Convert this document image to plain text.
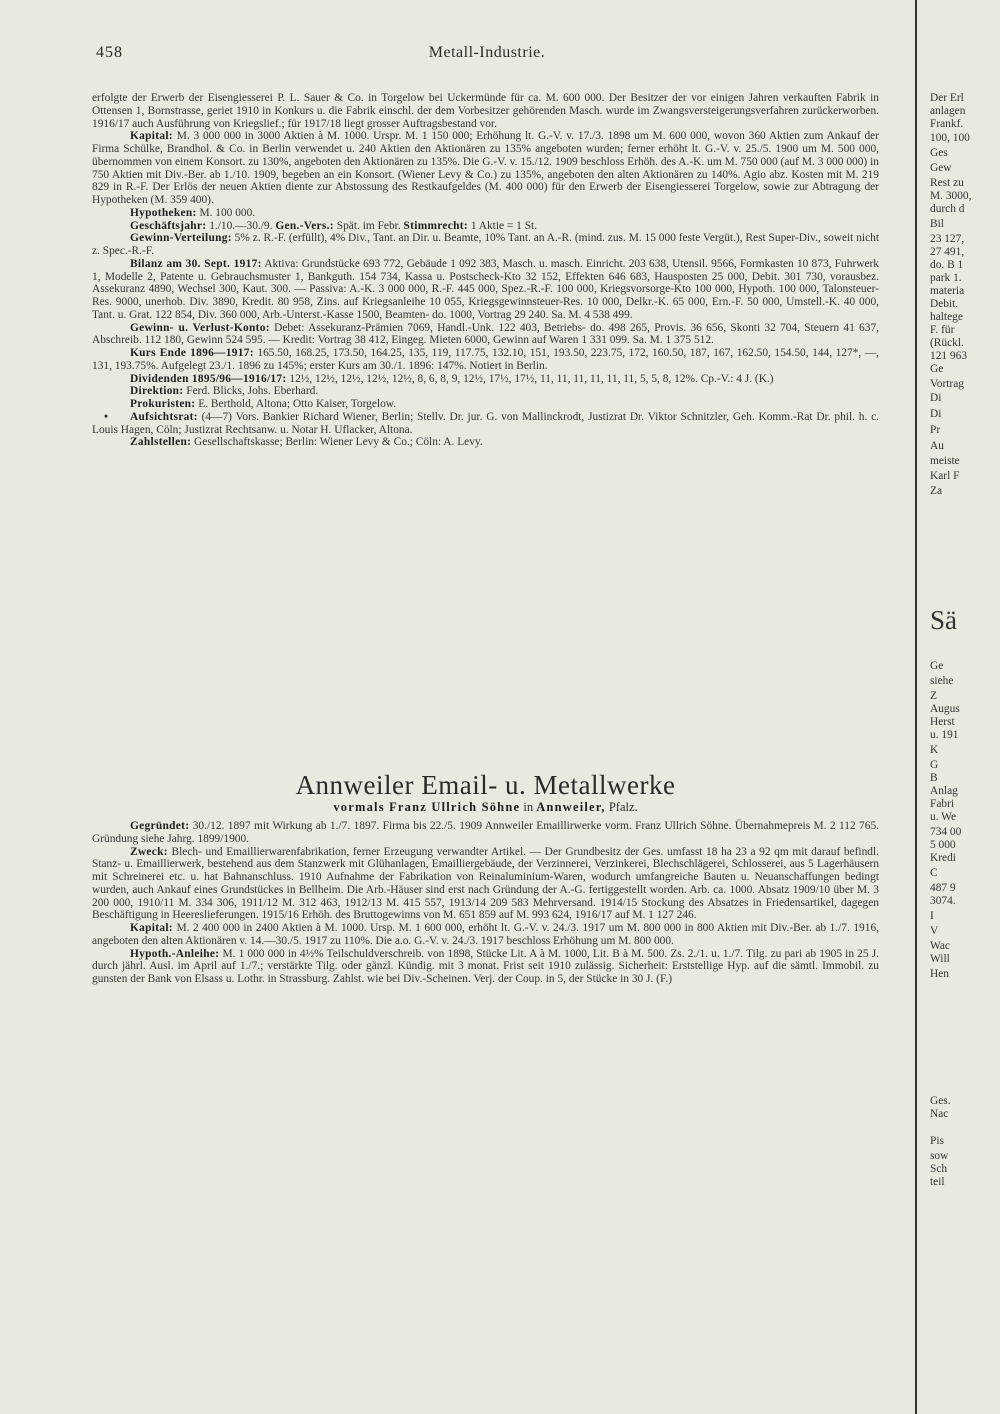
458	Metall-Industrie.

erfolgte der Erwerb der Eisengiesserei P. L. Sauer & Co. in Torgelow bei Uckermünde für ca. M. 600 000. Der Besitzer der vor einigen Jahren verkauften Fabrik in Ottensen 1, Bornstrasse, geriet 1910 in Konkurs u. die Fabrik einschl. der dem Vorbesitzer gehörenden Masch. wurde im Zwangsversteigerungsverfahren zurückerworben. 1916/17 auch Ausführung von Kriegslief.; für 1917/18 liegt grosser Auftragsbestand vor.

Kapital: M. 3 000 000 in 3000 Aktien à M. 1000. Urspr. M. 1 150 000; Erhöhung lt. G.-V. v. 17./3. 1898 um M. 600 000, wovon 360 Aktien zum Ankauf der Firma Schülke, Brandhol. & Co. in Berlin verwendet u. 240 Aktien den Aktionären zu 135% angeboten wurden; ferner erhöht lt. G.-V. v. 25./5. 1900 um M. 500 000, übernommen von einem Konsort. zu 130%, angeboten den Aktionären zu 135%. Die G.-V. v. 15./12. 1909 beschloss Erhöh. des A.-K. um M. 750 000 (auf M. 3 000 000) in 750 Aktien mit Div.-Ber. ab 1./10. 1909, begeben an ein Konsort. (Wiener Levy & Co.) zu 135%, angeboten den alten Aktionären zu 140%. Agio abz. Kosten mit M. 219 829 in R.-F. Der Erlös der neuen Aktien diente zur Abstossung des Restkaufgeldes (M. 400 000) für den Erwerb der Eisengiesserei Torgelow, sowie zur Abtragung der Hypotheken (M. 359 400).

Hypotheken: M. 100 000.

Geschäftsjahr: 1./10.—30./9. Gen.-Vers.: Spät. im Febr. Stimmrecht: 1 Aktie = 1 St.

Gewinn-Verteilung: 5% z. R.-F. (erfüllt), 4% Div., Tant. an Dir. u. Beamte, 10% Tant. an A.-R. (mind. zus. M. 15 000 feste Vergüt.), Rest Super-Div., soweit nicht z. Spec.-R.-F.

Bilanz am 30. Sept. 1917: Aktiva: Grundstücke 693 772, Gebäude 1 092 383, Masch. u. masch. Einricht. 203 638, Utensil. 9566, Formkasten 10 873, Fuhrwerk 1, Modelle 2, Patente u. Gebrauchsmuster 1, Bankguth. 154 734, Kassa u. Postscheck-Kto 32 152, Effekten 646 683, Hausposten 25 000, Debit. 301 730, vorausbez. Assekuranz 4890, Wechsel 300, Kaut. 300. — Passiva: A.-K. 3 000 000, R.-F. 445 000, Spez.-R.-F. 100 000, Kriegsvorsorge-Kto 100 000, Hypoth. 100 000, Talonsteuer-Res. 9000, unerhob. Div. 3890, Kredit. 80 958, Zins. auf Kriegsanleihe 10 055, Kriegsgewinnsteuer-Res. 10 000, Delkr.-K. 65 000, Ern.-F. 50 000, Umstell.-K. 40 000, Tant. u. Grat. 122 854, Div. 360 000, Arb.-Unterst.-Kasse 1500, Beamten- do. 1000, Vortrag 29 240. Sa. M. 4 538 499.

Gewinn- u. Verlust-Konto: Debet: Assekuranz-Prämien 7069, Handl.-Unk. 122 403, Betriebs- do. 498 265, Provis. 36 656, Skonti 32 704, Steuern 41 637, Abschreib. 112 180, Gewinn 524 595. — Kredit: Vortrag 38 412, Eingeg. Mieten 6000, Gewinn auf Waren 1 331 099. Sa. M. 1 375 512.

Kurs Ende 1896—1917: 165.50, 168.25, 173.50, 164.25, 135, 119, 117.75, 132.10, 151, 193.50, 223.75, 172, 160.50, 187, 167, 162.50, 154.50, 144, 127*, —, 131, 193.75%. Aufgelegt 23./1. 1896 zu 145%; erster Kurs am 30./1. 1896: 147%. Notiert in Berlin.

Dividenden 1895/96—1916/17: 12½, 12½, 12½, 12½, 12½, 8, 6, 8, 9, 12½, 17½, 17½, 11, 11, 11, 11, 11, 11, 5, 5, 8, 12%. Cp.-V.: 4 J. (K.)

Direktion: Ferd. Blicks, Johs. Eberhard.

Prokuristen: E. Berthold, Altona; Otto Kaiser, Torgelow.

• Aufsichtsrat: (4—7) Vors. Bankier Richard Wiener, Berlin; Stellv. Dr. jur. G. von Mallinckrodt, Justizrat Dr. Viktor Schnitzler, Geh. Komm.-Rat Dr. phil. h. c. Louis Hagen, Cöln; Justizrat Rechtsanw. u. Notar H. Uflacker, Altona.

Zahlstellen: Gesellschaftskasse; Berlin: Wiener Levy & Co.; Cöln: A. Levy.

Annweiler Email- u. Metallwerke
vormals Franz Ullrich Söhne in Annweiler, Pfalz.

Gegründet: 30./12. 1897 mit Wirkung ab 1./7. 1897. Firma bis 22./5. 1909 Annweiler Emaillirwerke vorm. Franz Ullrich Söhne. Übernahmepreis M. 2 112 765. Gründung siehe Jahrg. 1899/1900.

Zweck: Blech- und Emaillierwarenfabrikation, ferner Erzeugung verwandter Artikel. — Der Grundbesitz der Ges. umfasst 18 ha 23 a 92 qm mit darauf befindl. Stanz- u. Emaillierwerk, bestehend aus dem Stanzwerk mit Glühanlagen, Emailliergebäude, der Verzinnerei, Verzinkerei, Blechschlägerei, Schlosserei, aus 5 Lagerhäusern mit Schreinerei etc. u. hat Bahnanschluss. 1910 Aufnahme der Fabrikation von Reinaluminium-Waren, wodurch umfangreiche Bauten u. Neuanschaffungen bedingt wurden, auch Ankauf eines Grundstückes in Bellheim. Die Arb.-Häuser sind erst nach Gründung der A.-G. fertiggestellt worden. Arb. ca. 1000. Absatz 1909/10 über M. 3 200 000, 1910/11 M. 334 306, 1911/12 M. 312 463, 1912/13 M. 415 557, 1913/14 209 583 Mehrversand. 1914/15 Stockung des Absatzes in Friedensartikel, dagegen Beschäftigung in Heereslieferungen. 1915/16 Erhöh. des Bruttogewinns von M. 651 859 auf M. 993 624, 1916/17 auf M. 1 127 246.

Kapital: M. 2 400 000 in 2400 Aktien à M. 1000. Ursp. M. 1 600 000, erhöht lt. G.-V. v. 24./3. 1917 um M. 800 000 in 800 Aktien mit Div.-Ber. ab 1./7. 1916, angeboten den alten Aktionären v. 14.—30./5. 1917 zu 110%. Die a.o. G.-V. v. 24./3. 1917 beschloss Erhöhung um M. 800 000.

Hypoth.-Anleihe: M. 1 000 000 in 4½% Teilschuldverschreib. von 1898, Stücke Lit. A à M. 1000, Lit. B à M. 500. Zs. 2./1. u. 1./7. Tilg. zu pari ab 1905 in 25 J. durch jährl. Ausl. im April auf 1./7.; verstärkte Tilg. oder gänzl. Kündig. mit 3 monat. Frist seit 1910 zulässig. Sicherheit: Erststellige Hyp. auf die sämtl. Immobil. zu gunsten der Bank von Elsass u. Lothr. in Strassburg. Zahlst. wie bei Div.-Scheinen. Verj. der Coup. in 5, der Stücke in 30 J. (F.)

Der Erl
anlagen
Frankf.
100, 100
Ges
Gew
Rest zu
M. 3000,
durch d
Bil
23 127,
27 491,
do. B 1
park 1.
materia
Debit.
haltege
F. für
(Rückl.
121 963
Ge
Vortrag
Di
Di
Pr
Au
meiste
Karl F
Za
Sä
Ge
siehe
Z
Augus
Herst
u. 191
K
G
B
Anlag
Fabri
u. We
734 00
5 000
Kredi
C
487 9
3074.
I
V
Wac
Will
Hen
Ges.
Nac
Pis
sow
Sch
teil
